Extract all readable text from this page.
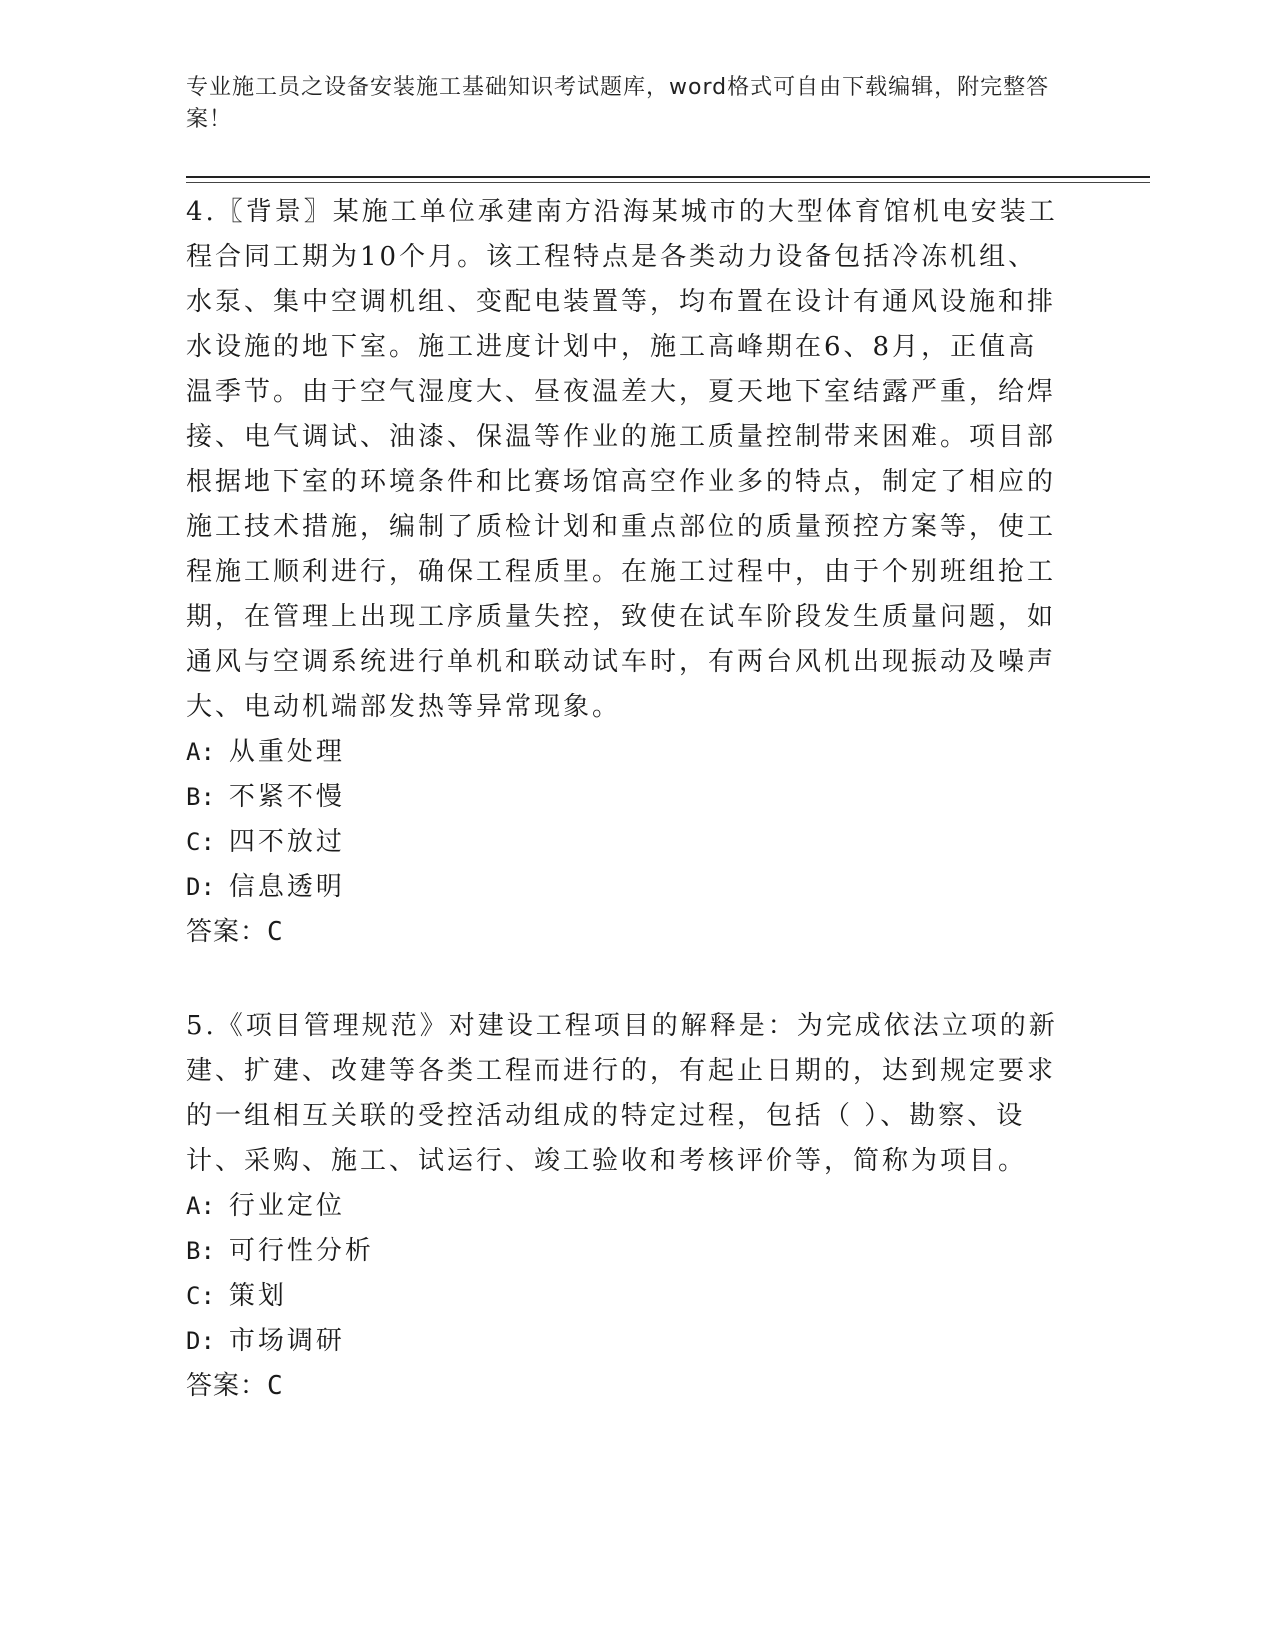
专业施工员之设备安装施工基础知识考试题库，word格式可自由下载编辑，附完整答案！

4.〖背景〗某施工单位承建南方沿海某城市的大型体育馆机电安装工程合同工期为10个月。该工程特点是各类动力设备包括冷冻机组、水泵、集中空调机组、变配电装置等，均布置在设计有通风设施和排水设施的地下室。施工进度计划中，施工高峰期在6、8月，正值高温季节。由于空气湿度大、昼夜温差大，夏天地下室结露严重，给焊接、电气调试、油漆、保温等作业的施工质量控制带来困难。项目部根据地下室的环境条件和比赛场馆高空作业多的特点，制定了相应的施工技术措施，编制了质检计划和重点部位的质量预控方案等，使工程施工顺利进行，确保工程质里。在施工过程中，由于个别班组抢工期，在管理上出现工序质量失控，致使在试车阶段发生质量问题，如通风与空调系统进行单机和联动试车时，有两台风机出现振动及噪声大、电动机端部发热等异常现象。

A: 从重处理
B: 不紧不慢
C: 四不放过
D: 信息透明
答案：C

5.《项目管理规范》对建设工程项目的解释是：为完成依法立项的新建、扩建、改建等各类工程而进行的，有起止日期的，达到规定要求的一组相互关联的受控活动组成的特定过程，包括（ ）、勘察、设计、采购、施工、试运行、竣工验收和考核评价等，简称为项目。

A: 行业定位
B: 可行性分析
C: 策划
D: 市场调研
答案：C
